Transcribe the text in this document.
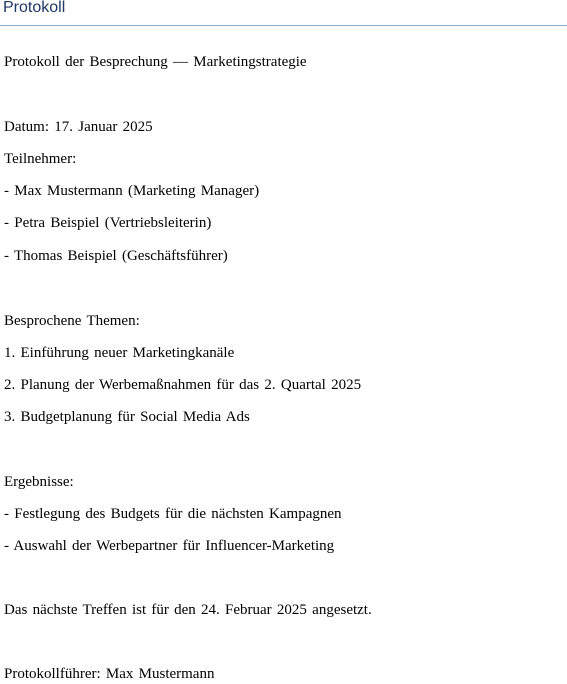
Protokoll
Protokoll der Besprechung — Marketingstrategie
Datum: 17. Januar 2025
Teilnehmer:
- Max Mustermann (Marketing Manager)
- Petra Beispiel (Vertriebsleiterin)
- Thomas Beispiel (Geschäftsführer)
Besprochene Themen:
1. Einführung neuer Marketingkanäle
2. Planung der Werbemaßnahmen für das 2. Quartal 2025
3. Budgetplanung für Social Media Ads
Ergebnisse:
- Festlegung des Budgets für die nächsten Kampagnen
- Auswahl der Werbepartner für Influencer-Marketing
Das nächste Treffen ist für den 24. Februar 2025 angesetzt.
Protokollführer: Max Mustermann
